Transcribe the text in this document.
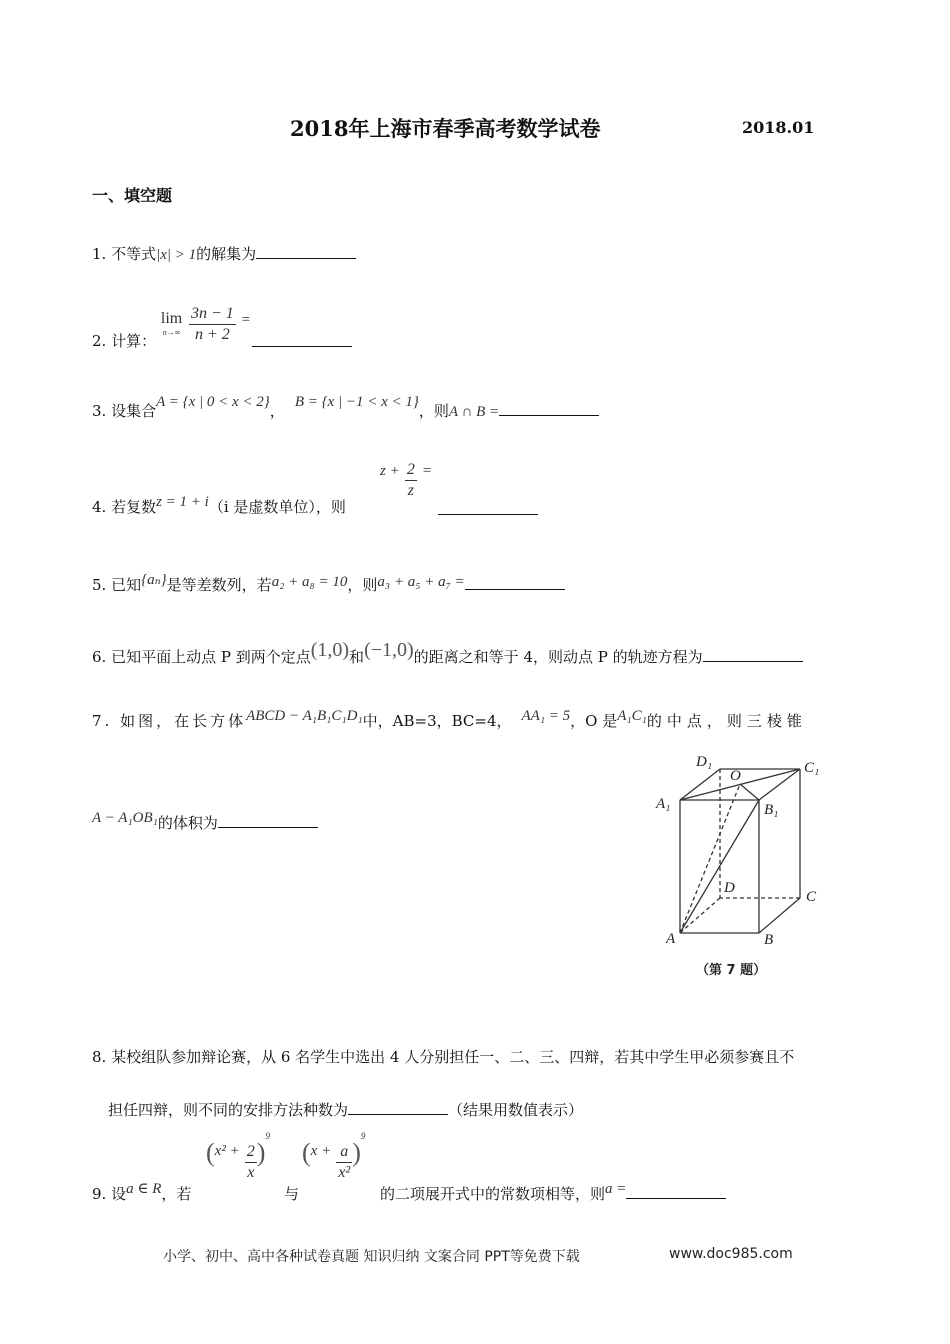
2018年上海市春季高考数学试卷	2018.01
一、填空题
1. 不等式|x| > 1的解集为
2. 计算：
lim
n→∞
$\frac{3n - 1}{n + 2}$ =
3. 设集合A = {x | 0 < x < 2}， B = {x | −1 < x < 1}，则A ∩ B =
4. 若复数z = 1 + i（i 是虚数单位），则
$z + \frac{2}{z}$ =
5. 已知{aₙ}是等差数列，若a₂ + a₈ = 10，则a₃ + a₅ + a₇ =
6. 已知平面上动点 P 到两个定点(1,0)和(−1,0)的距离之和等于 4，则动点 P 的轨迹方程为
7. 如图，在长方体ABCD − A₁B₁C₁D₁中，AB=3，BC=4， AA₁ = 5，O 是A₁C₁的中点，则三棱锥
A − A₁OB₁的体积为
D₁
O	C₁
A₁	B₁
D
C
A	B
（第 7 题）
8. 某校组队参加辩论赛，从 6 名学生中选出 4 人分别担任一、二、三、四辩，若其中学生甲必须参赛且不
担任四辩，则不同的安排方法种数为	（结果用数值表示）
9. 设a ∈ R，若
$(x^2 + \frac{2}{x} )^9$
与
$(x + \frac{a}{\text{x²}} )^9$
的二项展开式中的常数项相等，则a =
小学、初中、高中各种试卷真题 知识归纳 文案合同 PPT等免费下载	www.doc985.com
